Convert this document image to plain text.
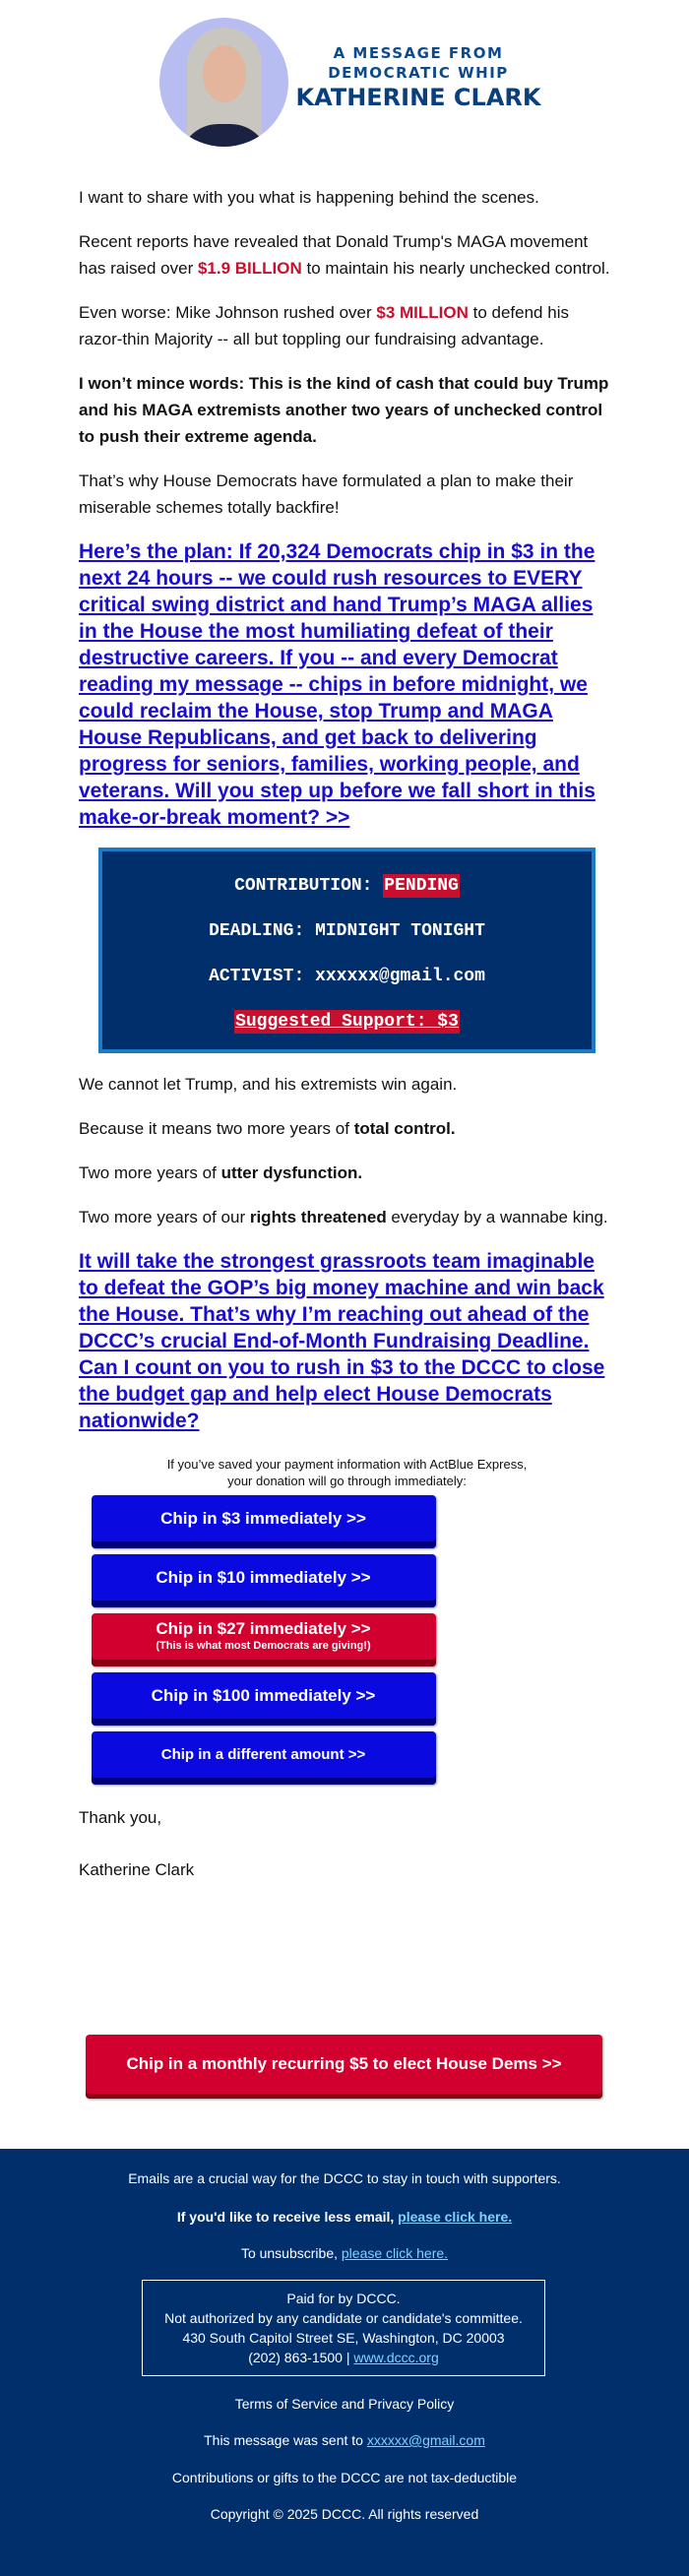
A MESSAGE FROM
DEMOCRATIC WHIP
KATHERINE CLARK

I want to share with you what is happening behind the scenes.

Recent reports have revealed that Donald Trump's MAGA movement has raised over $1.9 BILLION to maintain his nearly unchecked control.

Even worse: Mike Johnson rushed over $3 MILLION to defend his razor-thin Majority -- all but toppling our fundraising advantage.

I won’t mince words: This is the kind of cash that could buy Trump and his MAGA extremists another two years of unchecked control to push their extreme agenda.

That’s why House Democrats have formulated a plan to make their miserable schemes totally backfire!

Here’s the plan: If 20,324 Democrats chip in $3 in the next 24 hours -- we could rush resources to EVERY critical swing district and hand Trump’s MAGA allies in the House the most humiliating defeat of their destructive careers. If you -- and every Democrat reading my message -- chips in before midnight, we could reclaim the House, stop Trump and MAGA House Republicans, and get back to delivering progress for seniors, families, working people, and veterans. Will you step up before we fall short in this make-or-break moment? >>
CONTRIBUTION: PENDING
DEADLING: MIDNIGHT TONIGHT
ACTIVIST: xxxxxx@gmail.com
Suggested Support: $3

We cannot let Trump, and his extremists win again.

Because it means two more years of total control.

Two more years of utter dysfunction.

Two more years of our rights threatened everyday by a wannabe king.

It will take the strongest grassroots team imaginable to defeat the GOP’s big money machine and win back the House. That’s why I’m reaching out ahead of the DCCC’s crucial End-of-Month Fundraising Deadline. Can I count on you to rush in $3 to the DCCC to close the budget gap and help elect House Democrats nationwide?
If you’ve saved your payment information with ActBlue Express,
your donation will go through immediately:
Chip in $3 immediately >>
Chip in $10 immediately >>
Chip in $27 immediately >>
(This is what most Democrats are giving!)
Chip in $100 immediately >>
Chip in a different amount >>

Thank you,

Katherine Clark

Chip in a monthly recurring $5 to elect House Dems >>
Emails are a crucial way for the DCCC to stay in touch with supporters.
If you'd like to receive less email, please click here.
To unsubscribe, please click here.
Paid for by DCCC.
Not authorized by any candidate or candidate's committee.
430 South Capitol Street SE, Washington, DC 20003
(202) 863-1500 | www.dccc.org
Terms of Service and Privacy Policy
This message was sent to xxxxxx@gmail.com
Contributions or gifts to the DCCC are not tax-deductible
Copyright © 2025 DCCC. All rights reserved
